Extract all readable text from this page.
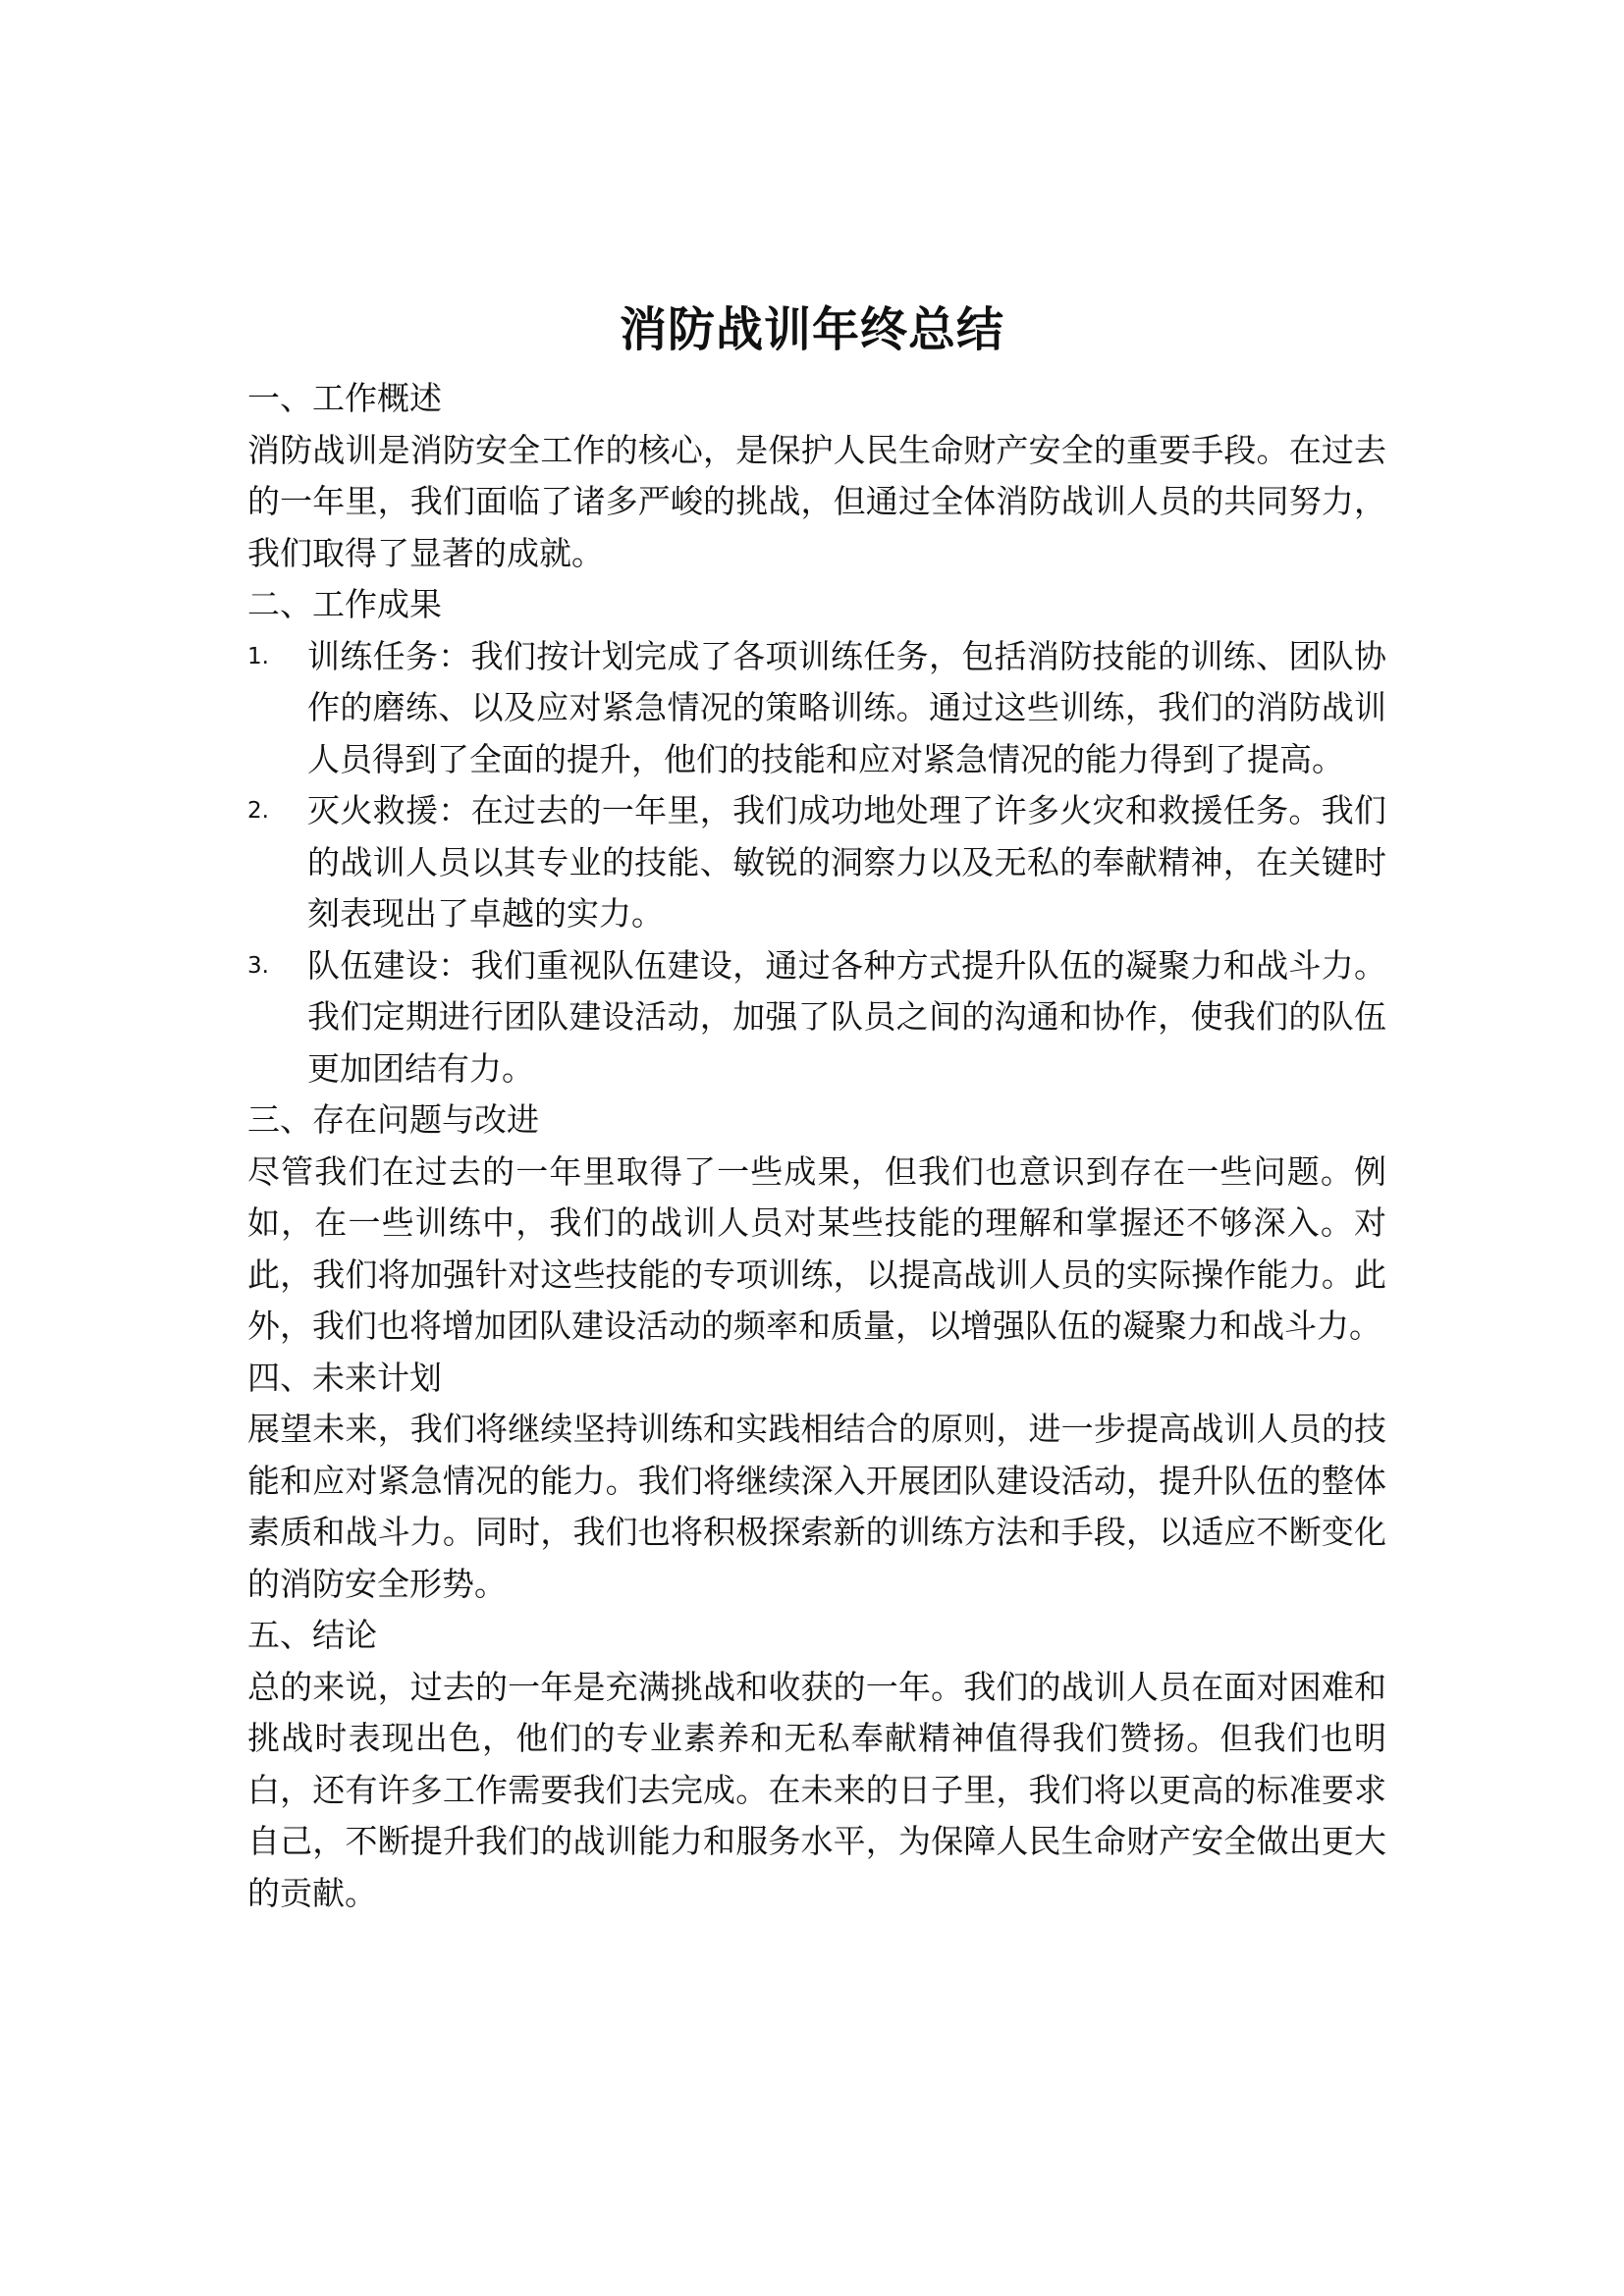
消防战训年终总结

一、工作概述

消防战训是消防安全工作的核心，是保护人民生命财产安全的重要手段。在过去的一年里，我们面临了诸多严峻的挑战，但通过全体消防战训人员的共同努力，我们取得了显著的成就。

二、工作成果

1. 训练任务：我们按计划完成了各项训练任务，包括消防技能的训练、团队协作的磨练、以及应对紧急情况的策略训练。通过这些训练，我们的消防战训人员得到了全面的提升，他们的技能和应对紧急情况的能力得到了提高。
2. 灭火救援：在过去的一年里，我们成功地处理了许多火灾和救援任务。我们的战训人员以其专业的技能、敏锐的洞察力以及无私的奉献精神，在关键时刻表现出了卓越的实力。
3. 队伍建设：我们重视队伍建设，通过各种方式提升队伍的凝聚力和战斗力。我们定期进行团队建设活动，加强了队员之间的沟通和协作，使我们的队伍更加团结有力。

三、存在问题与改进

尽管我们在过去的一年里取得了一些成果，但我们也意识到存在一些问题。例如，在一些训练中，我们的战训人员对某些技能的理解和掌握还不够深入。对此，我们将加强针对这些技能的专项训练，以提高战训人员的实际操作能力。此外，我们也将增加团队建设活动的频率和质量，以增强队伍的凝聚力和战斗力。

四、未来计划

展望未来，我们将继续坚持训练和实践相结合的原则，进一步提高战训人员的技能和应对紧急情况的能力。我们将继续深入开展团队建设活动，提升队伍的整体素质和战斗力。同时，我们也将积极探索新的训练方法和手段，以适应不断变化的消防安全形势。

五、结论

总的来说，过去的一年是充满挑战和收获的一年。我们的战训人员在面对困难和挑战时表现出色，他们的专业素养和无私奉献精神值得我们赞扬。但我们也明白，还有许多工作需要我们去完成。在未来的日子里，我们将以更高的标准要求自己，不断提升我们的战训能力和服务水平，为保障人民生命财产安全做出更大的贡献。
